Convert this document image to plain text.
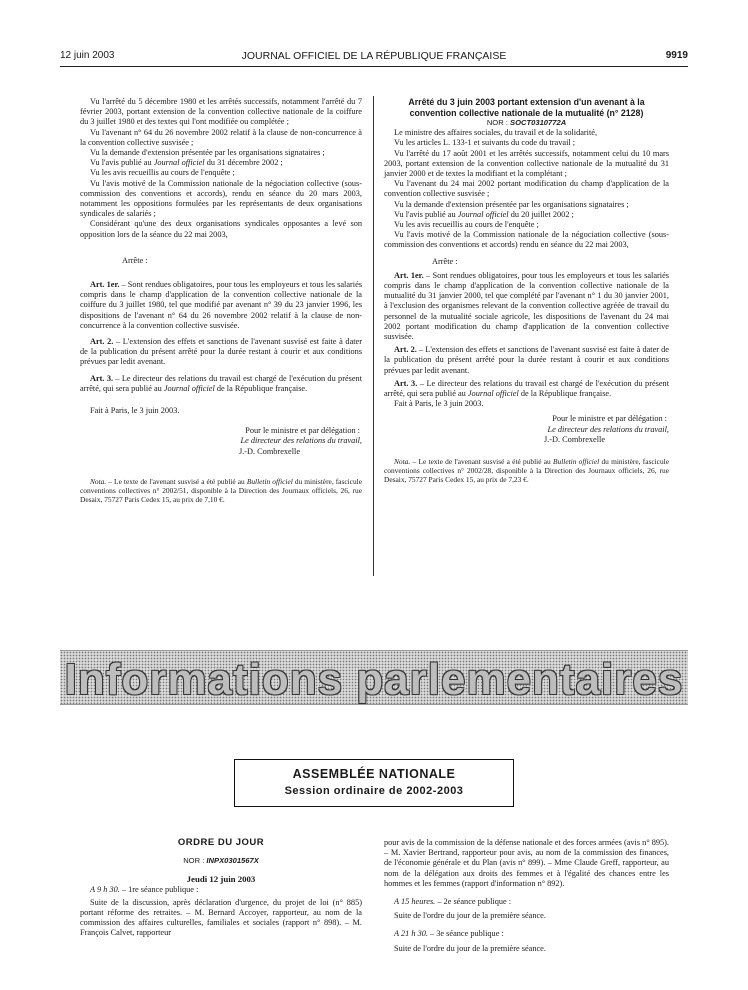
12 juin 2003	JOURNAL OFFICIEL DE LA RÉPUBLIQUE FRANÇAISE	9919

Vu l'arrêté du 5 décembre 1980 et les arrêtés successifs, notamment l'arrêté du 7 février 2003, portant extension de la convention collective nationale de la coiffure du 3 juillet 1980 et des textes qui l'ont modifiée ou complétée ;

Vu l'avenant n° 64 du 26 novembre 2002 relatif à la clause de non-concurrence à la convention collective susvisée ;

Vu la demande d'extension présentée par les organisations signataires ;

Vu l'avis publié au Journal officiel du 31 décembre 2002 ;

Vu les avis recueillis au cours de l'enquête ;

Vu l'avis motivé de la Commission nationale de la négociation collective (sous-commission des conventions et accords), rendu en séance du 20 mars 2003, notamment les oppositions formulées par les représentants de deux organisations syndicales de salariés ;

Considérant qu'une des deux organisations syndicales opposantes a levé son opposition lors de la séance du 22 mai 2003,

Arrête :

Art. 1er. – Sont rendues obligatoires, pour tous les employeurs et tous les salariés compris dans le champ d'application de la convention collective nationale de la coiffure du 3 juillet 1980, tel que modifié par avenant n° 39 du 23 janvier 1996, les dispositions de l'avenant n° 64 du 26 novembre 2002 relatif à la clause de non-concurrence à la convention collective susvisée.

Art. 2. – L'extension des effets et sanctions de l'avenant susvisé est faite à dater de la publication du présent arrêté pour la durée restant à courir et aux conditions prévues par ledit avenant.

Art. 3. – Le directeur des relations du travail est chargé de l'exécution du présent arrêté, qui sera publié au Journal officiel de la République française.

Fait à Paris, le 3 juin 2003.

Pour le ministre et par délégation :

Le directeur des relations du travail,

J.-D. Combrexelle

Nota. – Le texte de l'avenant susvisé a été publié au Bulletin officiel du ministère, fascicule conventions collectives n° 2002/51, disponible à la Direction des Journaux officiels, 26, rue Desaix, 75727 Paris Cedex 15, au prix de 7,10 €.

Arrêté du 3 juin 2003 portant extension d'un avenant à la convention collective nationale de la mutualité (n° 2128)

NOR : SOCT0310772A

Le ministre des affaires sociales, du travail et de la solidarité,

Vu les articles L. 133-1 et suivants du code du travail ;

Vu l'arrêté du 17 août 2001 et les arrêtés successifs, notamment celui du 10 mars 2003, portant extension de la convention collective nationale de la mutualité du 31 janvier 2000 et de textes la modifiant et la complétant ;

Vu l'avenant du 24 mai 2002 portant modification du champ d'application de la convention collective susvisée ;

Vu la demande d'extension présentée par les organisations signataires ;

Vu l'avis publié au Journal officiel du 20 juillet 2002 ;

Vu les avis recueillis au cours de l'enquête ;

Vu l'avis motivé de la Commission nationale de la négociation collective (sous-commission des conventions et accords) rendu en séance du 22 mai 2003,

Arrête :

Art. 1er. – Sont rendues obligatoires, pour tous les employeurs et tous les salariés compris dans le champ d'application de la convention collective nationale de la mutualité du 31 janvier 2000, tel que complété par l'avenant n° 1 du 30 janvier 2001, à l'exclusion des organismes relevant de la convention collective agréée de travail du personnel de la mutualité sociale agricole, les dispositions de l'avenant du 24 mai 2002 portant modification du champ d'application de la convention collective susvisée.

Art. 2. – L'extension des effets et sanctions de l'avenant susvisé est faite à dater de la publication du présent arrêté pour la durée restant à courir et aux conditions prévues par ledit avenant.

Art. 3. – Le directeur des relations du travail est chargé de l'exécution du présent arrêté, qui sera publié au Journal officiel de la République française.

Fait à Paris, le 3 juin 2003.

Pour le ministre et par délégation :

Le directeur des relations du travail,

J.-D. Combrexelle

Nota. – Le texte de l'avenant susvisé a été publié au Bulletin officiel du ministère, fascicule conventions collectives n° 2002/28, disponible à la Direction des Journaux officiels, 26, rue Desaix, 75727 Paris Cedex 15, au prix de 7,23 €.

Informations parlementaires
ASSEMBLÉE NATIONALE
Session ordinaire de 2002-2003

ORDRE DU JOUR

NOR : INPX0301567X

Jeudi 12 juin 2003

A 9 h 30. – 1re séance publique :

Suite de la discussion, après déclaration d'urgence, du projet de loi (n° 885) portant réforme des retraites. – M. Bernard Accoyer, rapporteur, au nom de la commission des affaires culturelles, familiales et sociales (rapport n° 898). – M. François Calvet, rapporteur

pour avis de la commission de la défense nationale et des forces armées (avis n° 895). – M. Xavier Bertrand, rapporteur pour avis, au nom de la commission des finances, de l'économie générale et du Plan (avis n° 899). – Mme Claude Greff, rapporteur, au nom de la délégation aux droits des femmes et à l'égalité des chances entre les hommes et les femmes (rapport d'information n° 892).

A 15 heures. – 2e séance publique :

Suite de l'ordre du jour de la première séance.

A 21 h 30. – 3e séance publique :

Suite de l'ordre du jour de la première séance.
